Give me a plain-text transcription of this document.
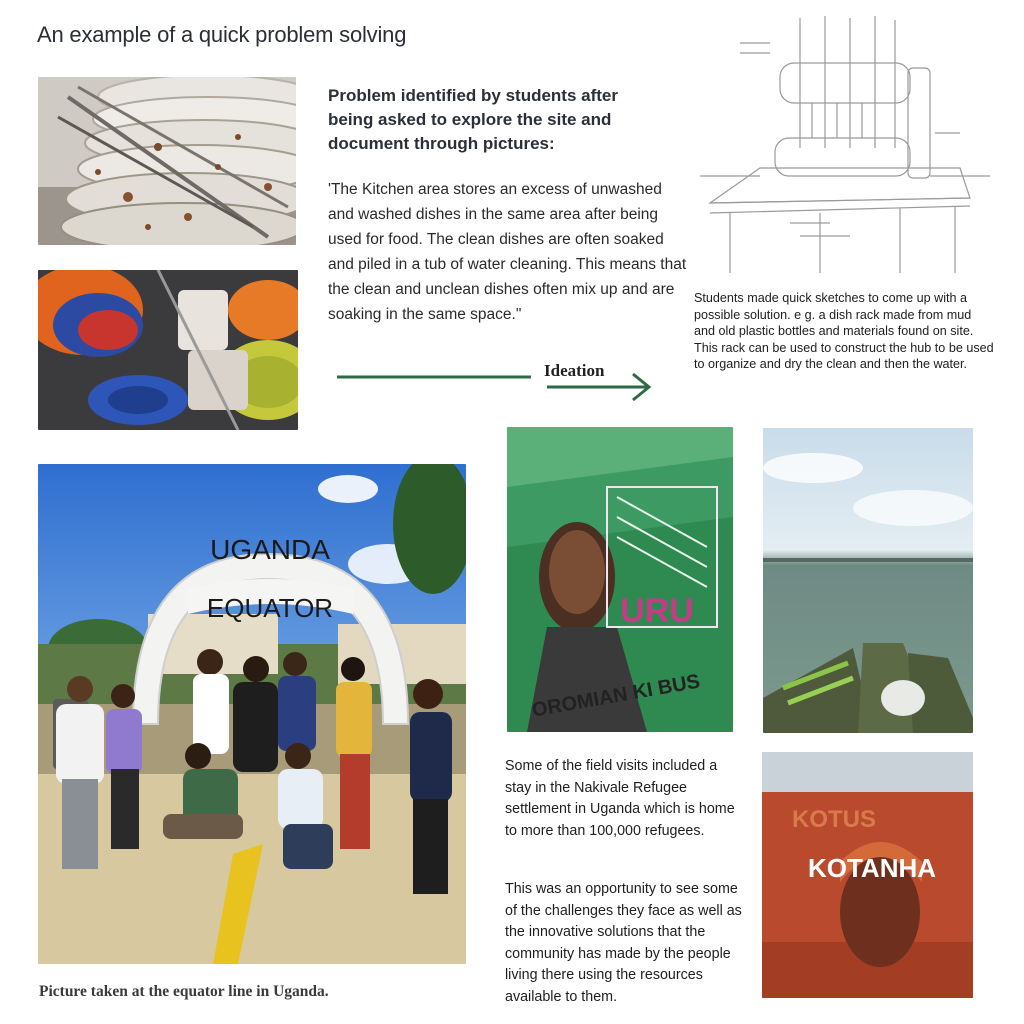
An example of a quick problem solving
Problem identified by students after being asked to explore the site and document through pictures:
'The Kitchen area stores an excess of unwashed and washed dishes in the same area after being used for food. The clean dishes are often soaked and piled in a tub of water cleaning. This means that the clean and unclean dishes often mix up and are soaking in the same space."
Students made quick sketches to come up with a possible solution. e g. a dish rack made from mud and old plastic bottles and materials found on site. This rack can be used to construct the hub to be used to organize and dry the clean and then the water.
Ideation
UGANDA
EQUATOR
Picture taken at the equator line in Uganda.
URU
OROMIAN KI BUS
KOTUS
KOTANHA
Some of the field visits included a stay in the Nakivale Refugee settlement in Uganda which is home to more than 100,000 refugees.
This was an opportunity to see some of the challenges they face as well as the innovative solutions that the community has made by the people living there using the resources available to them.
